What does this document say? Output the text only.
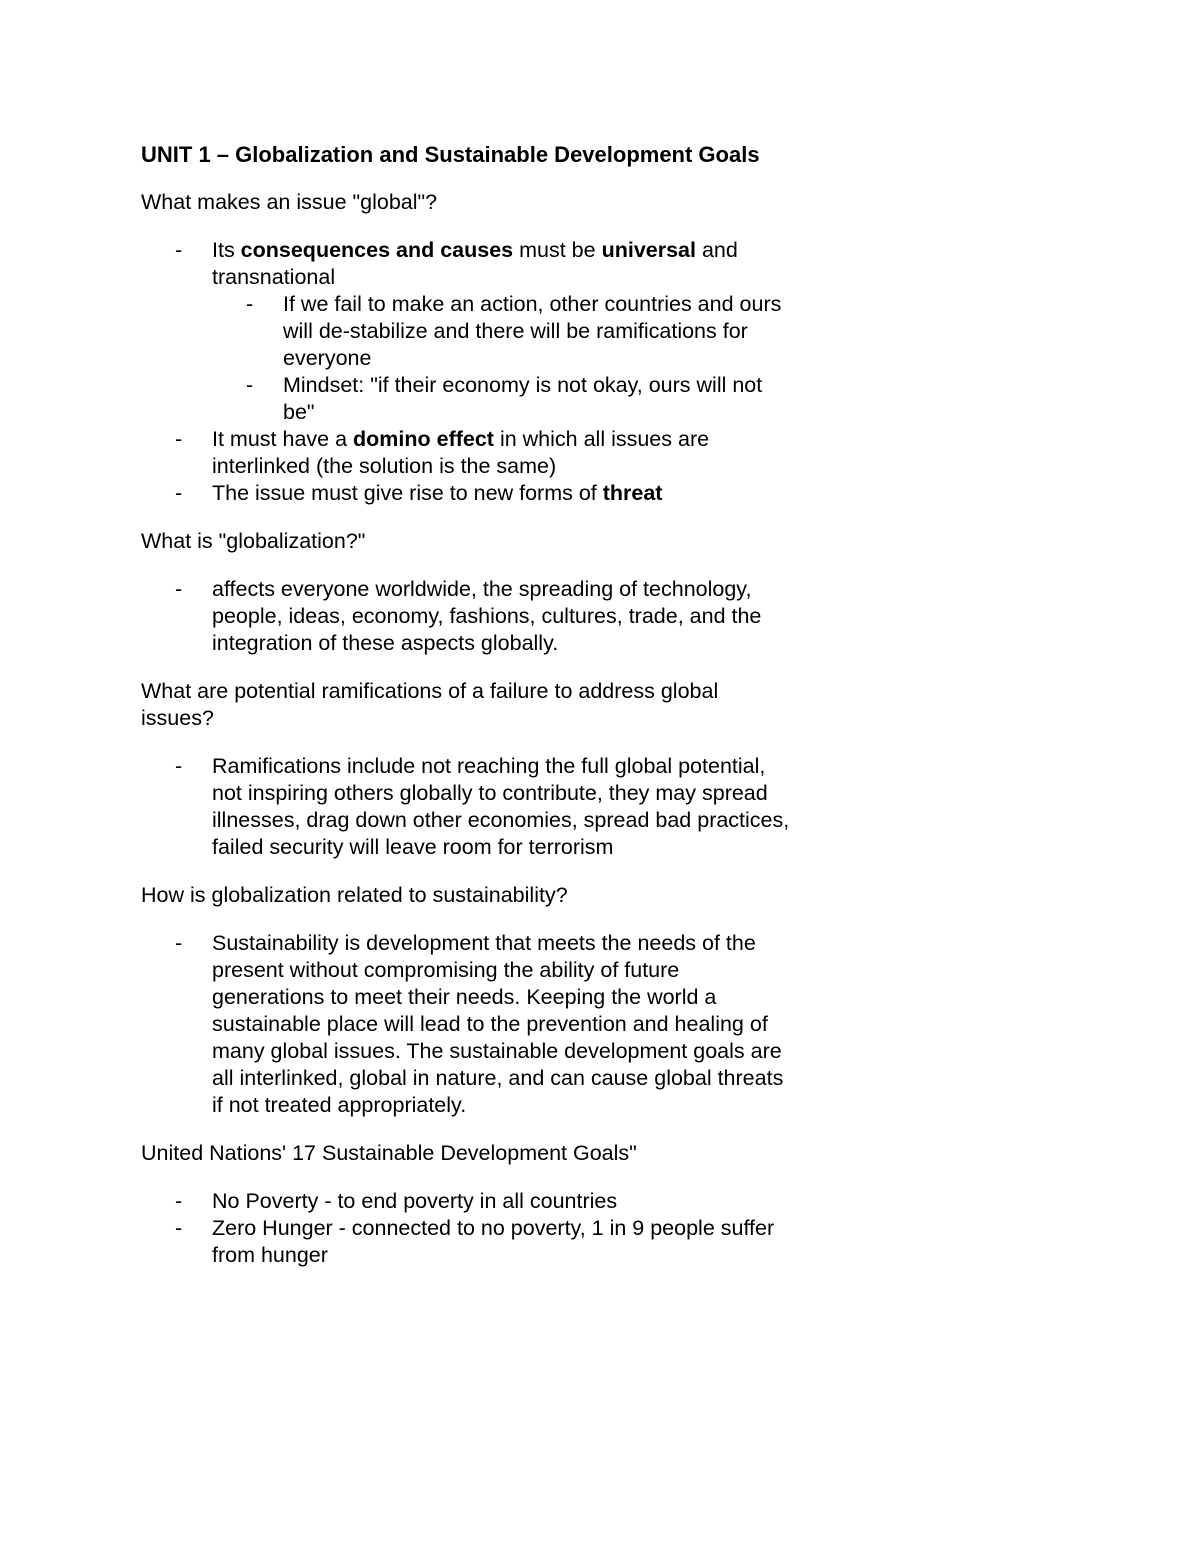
UNIT 1 – Globalization and Sustainable Development Goals
What makes an issue "global"?
- Its consequences and causes must be universal and transnational
- If we fail to make an action, other countries and ours will de-stabilize and there will be ramifications for everyone
- Mindset: "if their economy is not okay, ours will not be"
- It must have a domino effect in which all issues are interlinked (the solution is the same)
- The issue must give rise to new forms of threat
What is "globalization?"
- affects everyone worldwide, the spreading of technology, people, ideas, economy, fashions, cultures, trade, and the integration of these aspects globally.
What are potential ramifications of a failure to address global issues?
- Ramifications include not reaching the full global potential, not inspiring others globally to contribute, they may spread illnesses, drag down other economies, spread bad practices, failed security will leave room for terrorism
How is globalization related to sustainability?
- Sustainability is development that meets the needs of the present without compromising the ability of future generations to meet their needs. Keeping the world a sustainable place will lead to the prevention and healing of many global issues. The sustainable development goals are all interlinked, global in nature, and can cause global threats if not treated appropriately.
United Nations' 17 Sustainable Development Goals"
- No Poverty - to end poverty in all countries
- Zero Hunger - connected to no poverty, 1 in 9 people suffer from hunger
